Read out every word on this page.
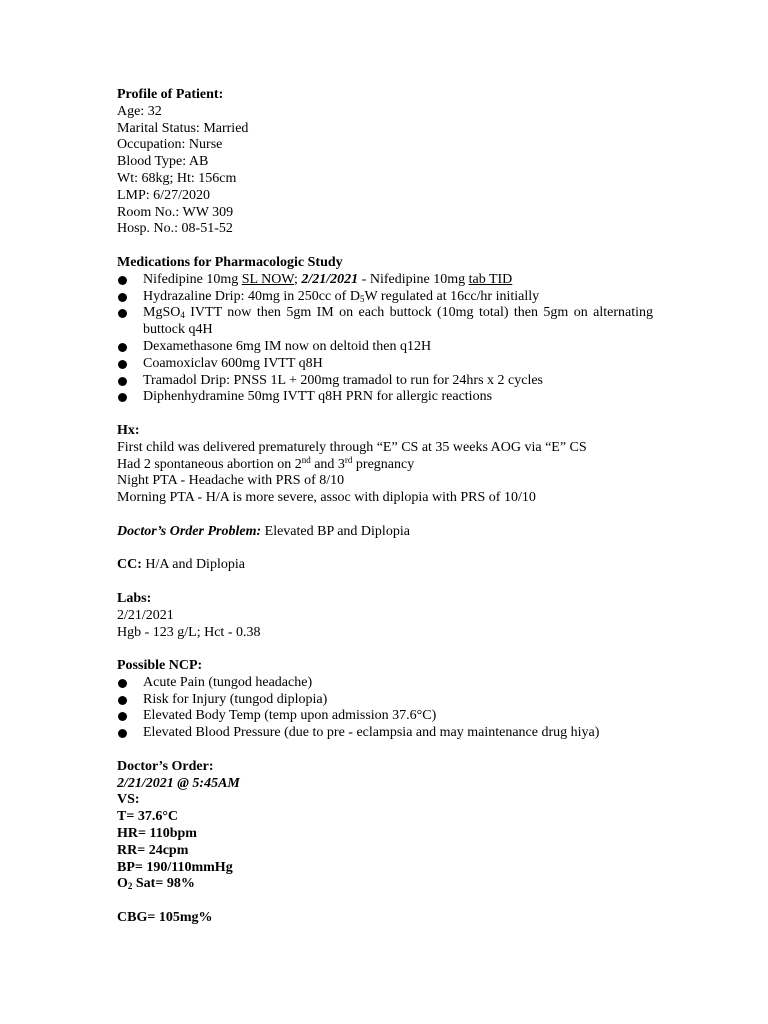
Profile of Patient:
Age: 32
Marital Status: Married
Occupation: Nurse
Blood Type: AB
Wt: 68kg; Ht: 156cm
LMP: 6/27/2020
Room No.: WW 309
Hosp. No.: 08-51-52
Medications for Pharmacologic Study
Nifedipine 10mg SL NOW; 2/21/2021 - Nifedipine 10mg tab TID
Hydrazaline Drip: 40mg in 250cc of $D_5W$ regulated at 16cc/hr initially
MgSO$_4$ IVTT now then 5gm IM on each buttock (10mg total) then 5gm on alternating buttock q4H
Dexamethasone 6mg IM now on deltoid then q12H
Coamoxiclav 600mg IVTT q8H
Tramadol Drip: PNSS 1L + 200mg tramadol to run for 24hrs x 2 cycles
Diphenhydramine 50mg IVTT q8H PRN for allergic reactions
Hx:
First child was delivered prematurely through “E” CS at 35 weeks AOG via “E” CS
Had 2 spontaneous abortion on 2nd and 3rd pregnancy
Night PTA - Headache with PRS of 8/10
Morning PTA - H/A is more severe, assoc with diplopia with PRS of 10/10
Doctor’s Order Problem: Elevated BP and Diplopia
CC: H/A and Diplopia
Labs:
2/21/2021
Hgb - 123 g/L; Hct - 0.38
Possible NCP:
Acute Pain (tungod headache)
Risk for Injury (tungod diplopia)
Elevated Body Temp (temp upon admission 37.6°C)
Elevated Blood Pressure (due to pre - eclampsia and may maintenance drug hiya)
Doctor’s Order:
2/21/2021 @ 5:45AM
VS:
T= 37.6°C
HR= 110bpm
RR= 24cpm
BP= 190/110mmHg
$O_2$ Sat= 98%
CBG= 105mg%
